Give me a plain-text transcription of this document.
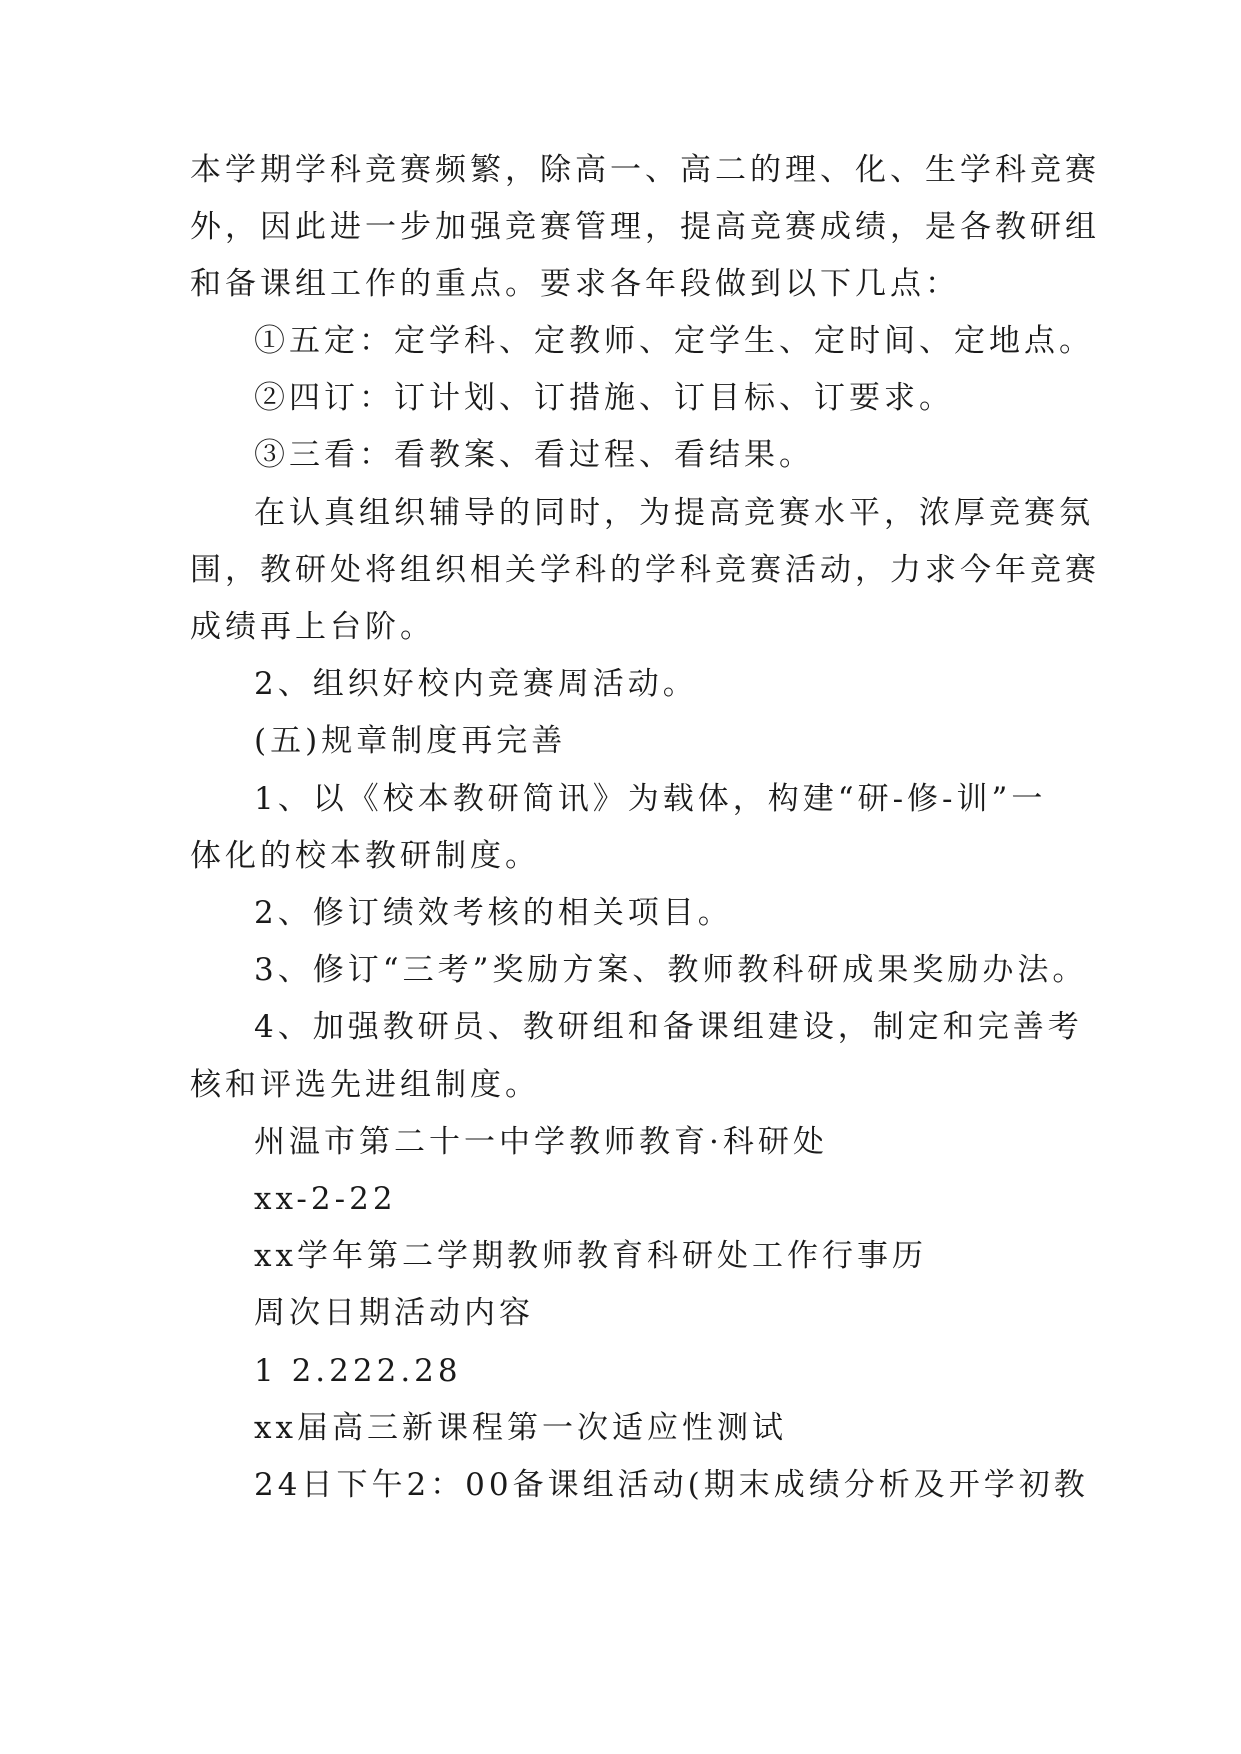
本学期学科竞赛频繁，除高一、高二的理、化、生学科竞赛
外，因此进一步加强竞赛管理，提高竞赛成绩，是各教研组
和备课组工作的重点。要求各年段做到以下几点：
①五定：定学科、定教师、定学生、定时间、定地点。
②四订：订计划、订措施、订目标、订要求。
③三看：看教案、看过程、看结果。
在认真组织辅导的同时，为提高竞赛水平，浓厚竞赛氛
围，教研处将组织相关学科的学科竞赛活动，力求今年竞赛
成绩再上台阶。
2、组织好校内竞赛周活动。
(五)规章制度再完善
1、以《校本教研简讯》为载体，构建“研-修-训”一
体化的校本教研制度。
2、修订绩效考核的相关项目。
3、修订“三考”奖励方案、教师教科研成果奖励办法。
4、加强教研员、教研组和备课组建设，制定和完善考
核和评选先进组制度。
州温市第二十一中学教师教育·科研处
xx-2-22
xx学年第二学期教师教育科研处工作行事历
周次日期活动内容
1 2.222.28
xx届高三新课程第一次适应性测试
24日下午2：00备课组活动(期末成绩分析及开学初教
